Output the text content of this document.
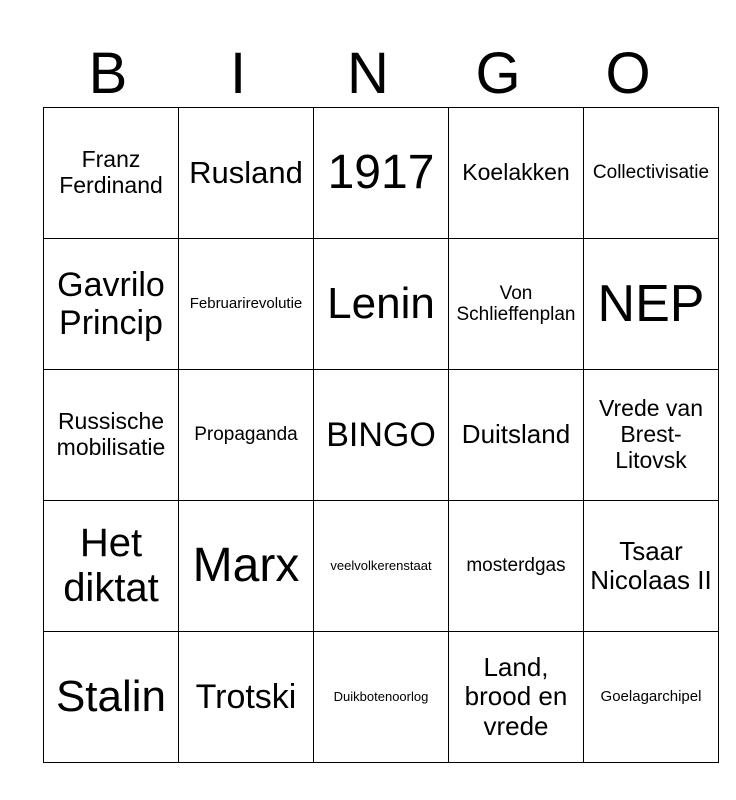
B	I	N	G	O
Franz Ferdinand	Rusland	1917	Koelakken	Collectivisatie
Gavrilo Princip	Februarirevolutie	Lenin	Von Schlieffenplan	NEP
Russische mobilisatie	Propaganda	BINGO	Duitsland	Vrede van Brest-Litovsk
Het diktat	Marx	veelvolkerenstaat	mosterdgas	Tsaar Nicolaas II
Stalin	Trotski	Duikbotenoorlog	Land, brood en vrede	Goelagarchipel
